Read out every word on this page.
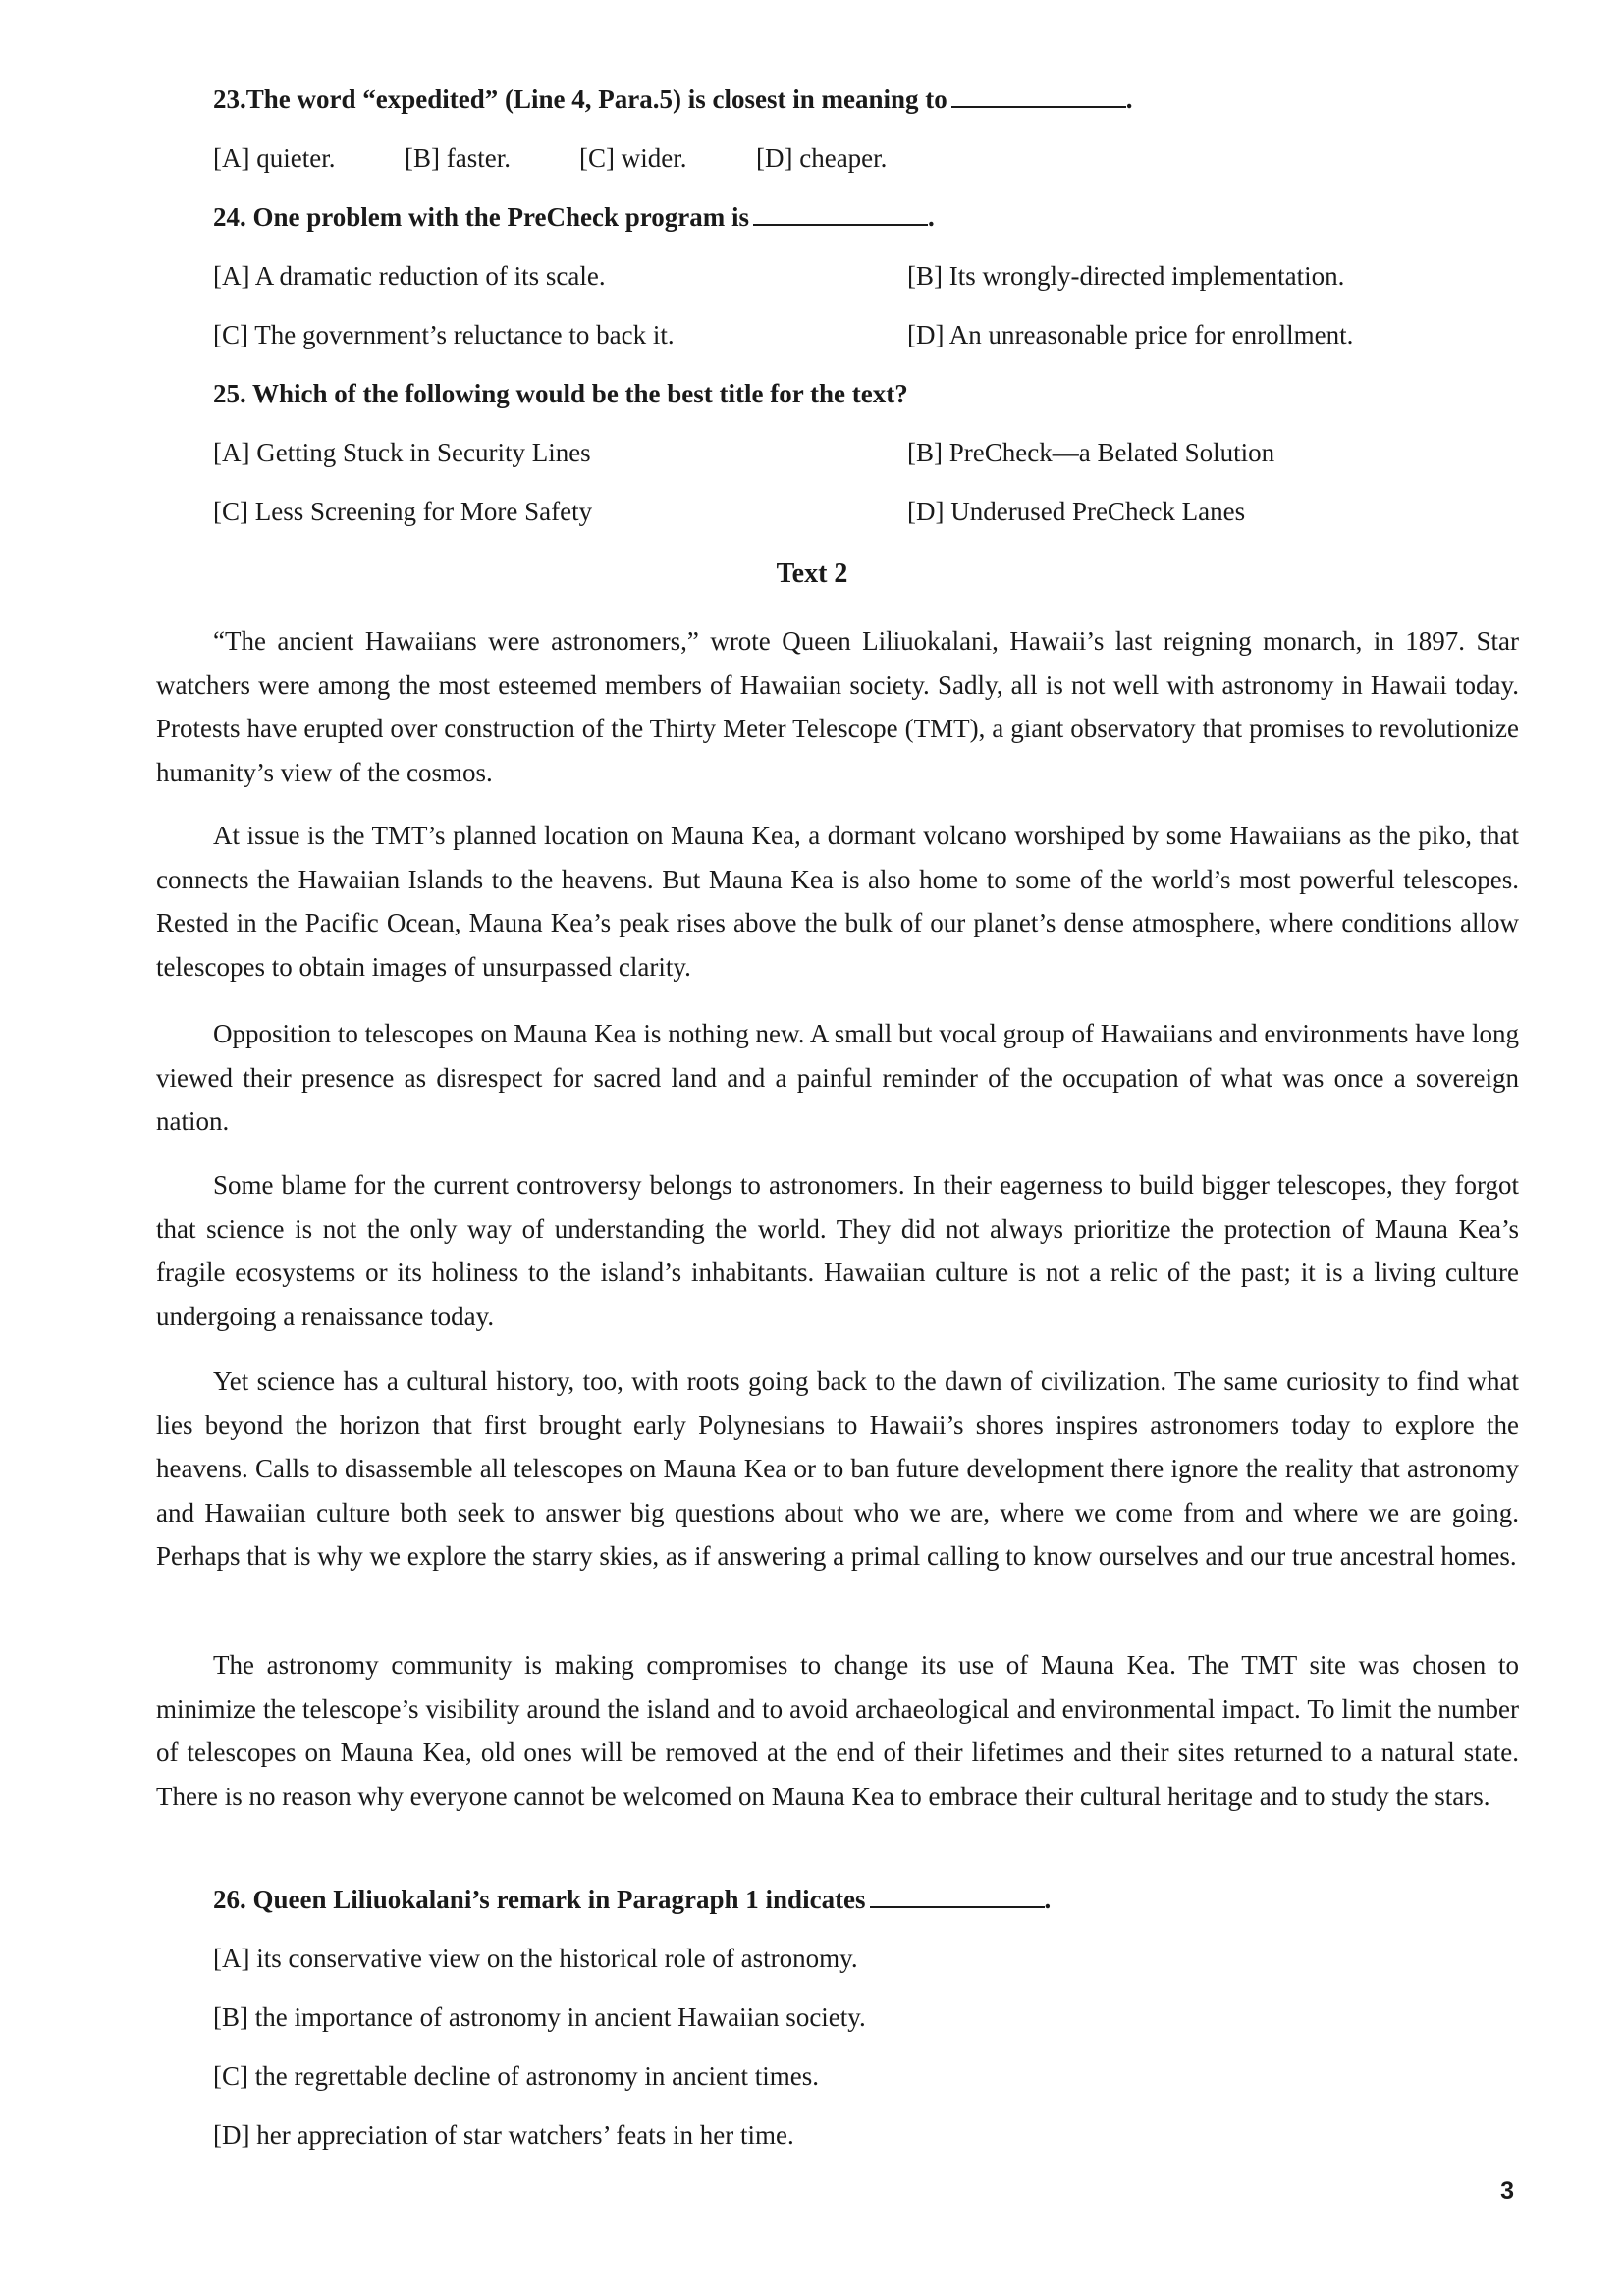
23.The word “expedited” (Line 4, Para.5) is closest in meaning to	.
[A] quieter.	[B] faster.	[C] wider.	[D] cheaper.
24. One problem with the PreCheck program is	.
[A] A dramatic reduction of its scale.	[B] Its wrongly-directed implementation.
[C] The government’s reluctance to back it.	[D] An unreasonable price for enrollment.
25. Which of the following would be the best title for the text?
[A] Getting Stuck in Security Lines	[B] PreCheck—a Belated Solution
[C] Less Screening for More Safety	[D] Underused PreCheck Lanes
Text 2

“The ancient Hawaiians were astronomers,” wrote Queen Liliuokalani, Hawaii’s last reigning monarch, in 1897. Star watchers were among the most esteemed members of Hawaiian society. Sadly, all is not well with astronomy in Hawaii today. Protests have erupted over construction of the Thirty Meter Telescope (TMT), a giant observatory that promises to revolutionize humanity’s view of the cosmos.

At issue is the TMT’s planned location on Mauna Kea, a dormant volcano worshiped by some Hawaiians as the piko, that connects the Hawaiian Islands to the heavens. But Mauna Kea is also home to some of the world’s most powerful telescopes. Rested in the Pacific Ocean, Mauna Kea’s peak rises above the bulk of our planet’s dense atmosphere, where conditions allow telescopes to obtain images of unsurpassed clarity.

Opposition to telescopes on Mauna Kea is nothing new. A small but vocal group of Hawaiians and environments have long viewed their presence as disrespect for sacred land and a painful reminder of the occupation of what was once a sovereign nation.

Some blame for the current controversy belongs to astronomers. In their eagerness to build bigger telescopes, they forgot that science is not the only way of understanding the world. They did not always prioritize the protection of Mauna Kea’s fragile ecosystems or its holiness to the island’s inhabitants. Hawaiian culture is not a relic of the past; it is a living culture undergoing a renaissance today.

Yet science has a cultural history, too, with roots going back to the dawn of civilization. The same curiosity to find what lies beyond the horizon that first brought early Polynesians to Hawaii’s shores inspires astronomers today to explore the heavens. Calls to disassemble all telescopes on Mauna Kea or to ban future development there ignore the reality that astronomy and Hawaiian culture both seek to answer big questions about who we are, where we come from and where we are going. Perhaps that is why we explore the starry skies, as if answering a primal calling to know ourselves and our true ancestral homes.

The astronomy community is making compromises to change its use of Mauna Kea. The TMT site was chosen to minimize the telescope’s visibility around the island and to avoid archaeological and environmental impact. To limit the number of telescopes on Mauna Kea, old ones will be removed at the end of their lifetimes and their sites returned to a natural state. There is no reason why everyone cannot be welcomed on Mauna Kea to embrace their cultural heritage and to study the stars.

26. Queen Liliuokalani’s remark in Paragraph 1 indicates	.
[A] its conservative view on the historical role of astronomy.
[B] the importance of astronomy in ancient Hawaiian society.
[C] the regrettable decline of astronomy in ancient times.
[D] her appreciation of star watchers’ feats in her time.
3
